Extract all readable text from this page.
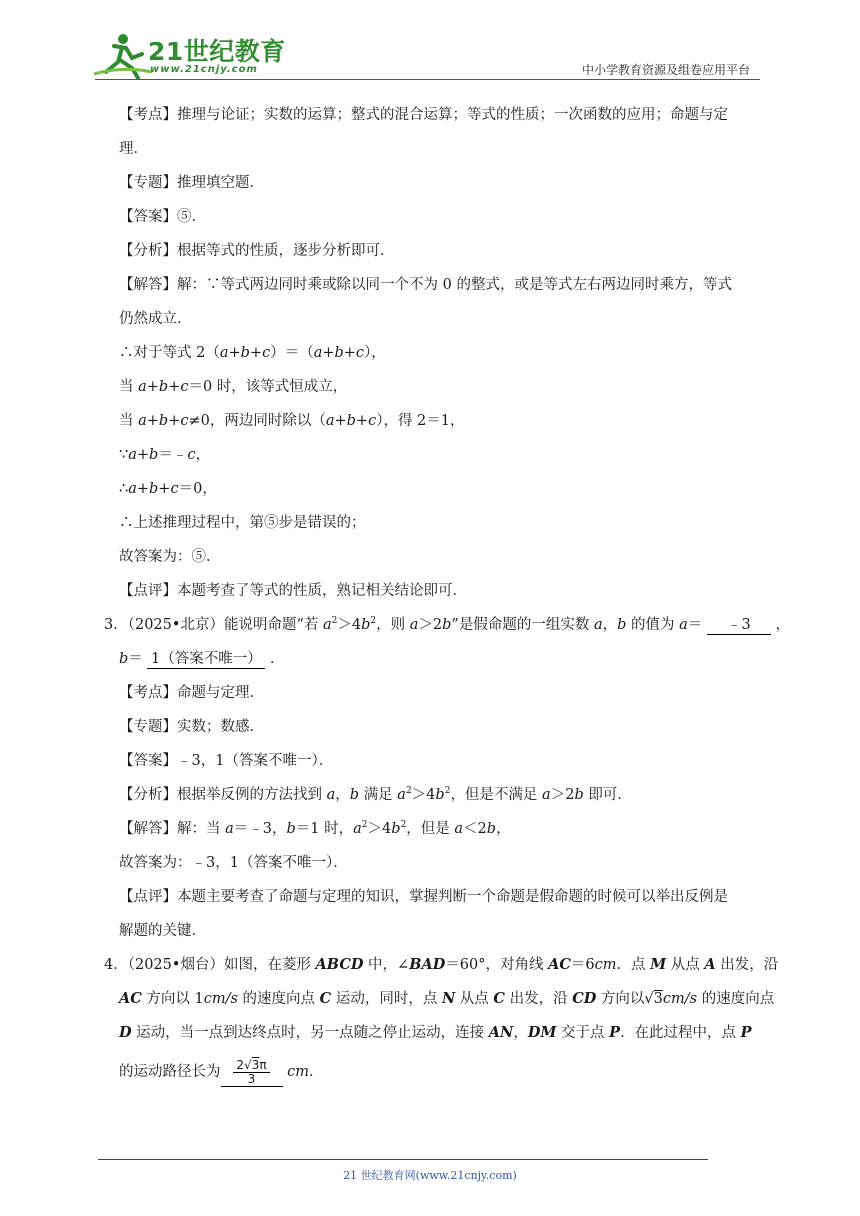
21世纪教育
www.21cnjy.com	中小学教育资源及组卷应用平台
【考点】推理与论证；实数的运算；整式的混合运算；等式的性质；一次函数的应用；命题与定
理．
【专题】推理填空题．
【答案】⑤．
【分析】根据等式的性质，逐步分析即可．
【解答】解：∵等式两边同时乘或除以同一个不为 0 的整式，或是等式左右两边同时乘方，等式
仍然成立．
∴对于等式 2（a+b+c）＝（a+b+c），
当 a+b+c＝0 时，该等式恒成立，
当 a+b+c≠0，两边同时除以（a+b+c），得 2＝1，
∵a+b＝﹣c，
∴a+b+c＝0，
∴上述推理过程中，第⑤步是错误的；
故答案为：⑤．
【点评】本题考查了等式的性质，熟记相关结论即可．
3．（2025•北京）能说明命题“若 $a^2>4b^2$，则 a＞2b”是假命题的一组实数 a，b 的值为 a＝ ﹣3 ，
b＝ 1（答案不唯一） ．
【考点】命题与定理．
【专题】实数；数感．
【答案】﹣3，1（答案不唯一）．
【分析】根据举反例的方法找到 a，b 满足 $a^2>4b^2$，但是不满足 a＞2b 即可．
【解答】解：当 a＝﹣3，b＝1 时，$a^2>4b^2$，但是 a＜2b，
故答案为：﹣3，1（答案不唯一）．
【点评】本题主要考查了命题与定理的知识，掌握判断一个命题是假命题的时候可以举出反例是
解题的关键．
4．（2025•烟台）如图，在菱形 ABCD 中，∠BAD＝60°，对角线 AC＝6cm．点 M 从点 A 出发，沿
AC 方向以 1cm/s 的速度向点 C 运动，同时，点 N 从点 C 出发，沿 CD 方向以√3cm/s 的速度向点
D 运动，当一点到达终点时，另一点随之停止运动，连接 AN，DM 交于点 P．在此过程中，点 P
的运动路径长为 $\frac{2√3\pi}{3}$ cm．
21 世纪教育网(www.21cnjy.com)
